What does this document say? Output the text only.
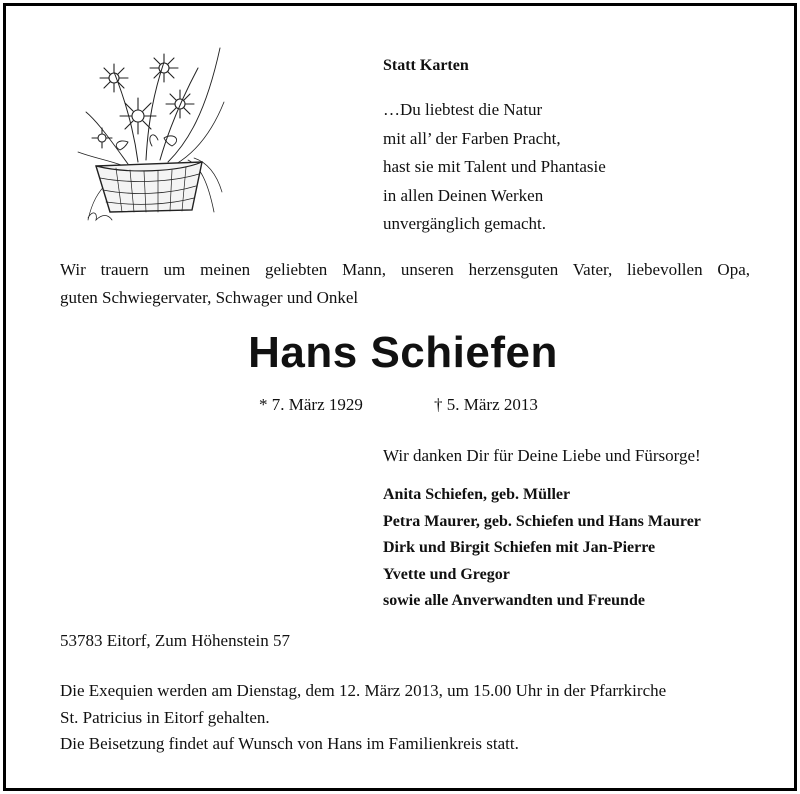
Statt Karten
…Du liebtest die Natur
mit all’ der Farben Pracht,
hast sie mit Talent und Phantasie
in allen Deinen Werken
unvergänglich gemacht.
Wir trauern um meinen geliebten Mann, unseren herzensguten Vater, liebevollen Opa,
guten Schwiegervater, Schwager und Onkel
Hans Schiefen
* 7. März 1929	† 5. März 2013
Wir danken Dir für Deine Liebe und Fürsorge!
Anita Schiefen, geb. Müller
Petra Maurer, geb. Schiefen und Hans Maurer
Dirk und Birgit Schiefen mit Jan-Pierre
Yvette und Gregor
sowie alle Anverwandten und Freunde
53783 Eitorf, Zum Höhenstein 57
Die Exequien werden am Dienstag, dem 12. März 2013, um 15.00 Uhr in der Pfarrkirche
St. Patricius in Eitorf gehalten.
Die Beisetzung findet auf Wunsch von Hans im Familienkreis statt.
